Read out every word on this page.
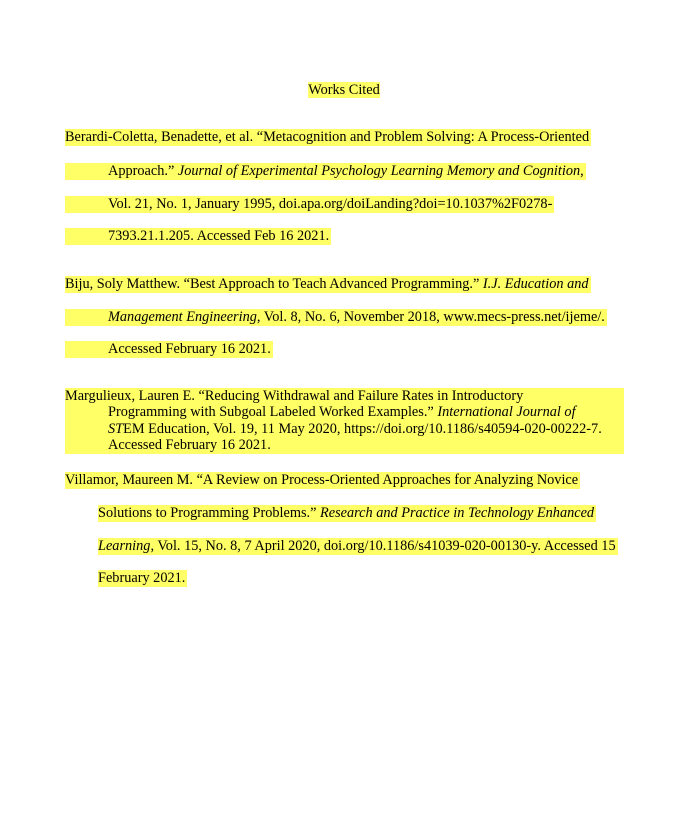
Works Cited
Berardi-Coletta, Benadette, et al. “Metacognition and Problem Solving: A Process-Oriented
Approach.” Journal of Experimental Psychology Learning Memory and Cognition,
Vol. 21, No. 1, January 1995, doi.apa.org/doiLanding?doi=10.1037%2F0278-
7393.21.1.205. Accessed Feb 16 2021.
Biju, Soly Matthew. “Best Approach to Teach Advanced Programming.” I.J. Education and
Management Engineering, Vol. 8, No. 6, November 2018, www.mecs-press.net/ijeme/.
Accessed February 16 2021.
Margulieux, Lauren E. “Reducing Withdrawal and Failure Rates in Introductory
Programming with Subgoal Labeled Worked Examples.” International Journal of
STEM Education, Vol. 19, 11 May 2020, https://doi.org/10.1186/s40594-020-00222-7.
Accessed February 16 2021.
Villamor, Maureen M. “A Review on Process-Oriented Approaches for Analyzing Novice
Solutions to Programming Problems.” Research and Practice in Technology Enhanced
Learning, Vol. 15, No. 8, 7 April 2020, doi.org/10.1186/s41039-020-00130-y. Accessed 15
February 2021.
